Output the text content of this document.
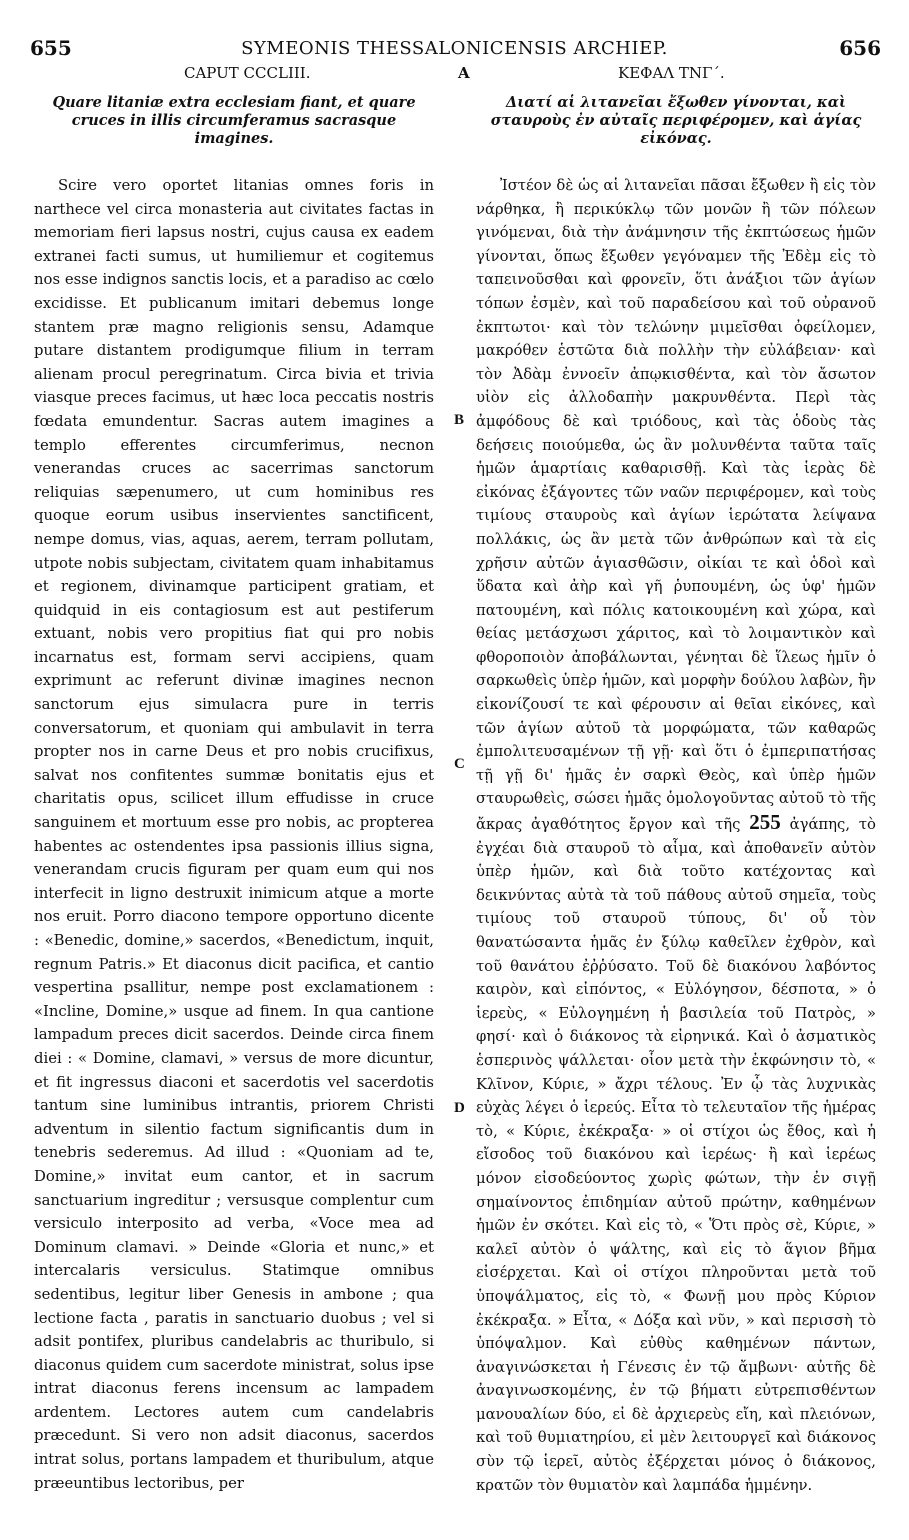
655	SYMEONIS THESSALONICENSIS ARCHIEP.	656
CAPUT CCCLIII.	A	ΚΕΦΑΛ ΤΝΓ΄.
Quare litaniæ extra ecclesiam fiant, et quare cruces in illis circumferamus sacrasque imagines.

Scire vero oportet litanias omnes foris in narthece vel circa monasteria aut civitates factas in memoriam fieri lapsus nostri, cujus causa ex eadem extranei facti sumus, ut humiliemur et cogitemus nos esse indignos sanctis locis, et a paradiso ac cœlo excidisse. Et publicanum imitari debemus longe stantem præ magno religionis sensu, Adamque putare distantem prodigumque filium in terram alienam procul peregrinatum. Circa bivia et trivia viasque preces facimus, ut hæc loca peccatis nostris fœdata emundentur. Sacras autem imagines a templo efferentes circumferimus, necnon venerandas cruces ac sacerrimas sanctorum reliquias sæpenumero, ut cum hominibus res quoque eorum usibus inservientes sanctificent, nempe domus, vias, aquas, aerem, terram pollutam, utpote nobis subjectam, civitatem quam inhabitamus et regionem, divinamque participent gratiam, et quidquid in eis contagiosum est aut pestiferum extuant, nobis vero propitius fiat qui pro nobis incarnatus est, formam servi accipiens, quam exprimunt ac referunt divinæ imagines necnon sanctorum ejus simulacra pure in terris conversatorum, et quoniam qui ambulavit in terra propter nos in carne Deus et pro nobis crucifixus, salvat nos confitentes summæ bonitatis ejus et charitatis opus, scilicet illum effudisse in cruce sanguinem et mortuum esse pro nobis, ac propterea habentes ac ostendentes ipsa passionis illius signa, venerandam crucis figuram per quam eum qui nos interfecit in ligno destruxit inimicum atque a morte nos eruit. Porro diacono tempore opportuno dicente : «Benedic, domine,» sacerdos, «Benedictum, inquit, regnum Patris.» Et diaconus dicit pacifica, et cantio vespertina psallitur, nempe post exclamationem : «Incline, Domine,» usque ad finem. In qua cantione lampadum preces dicit sacerdos. Deinde circa finem diei : « Domine, clamavi, » versus de more dicuntur, et fit ingressus diaconi et sacerdotis vel sacerdotis tantum sine luminibus intrantis, priorem Christi adventum in silentio factum significantis dum in tenebris sederemus. Ad illud : «Quoniam ad te, Domine,» invitat eum cantor, et in sacrum sanctuarium ingreditur ; versusque complentur cum versiculo interposito ad verba, «Voce mea ad Dominum clamavi. » Deinde «Gloria et nunc,» et intercalaris versiculus. Statimque omnibus sedentibus, legitur liber Genesis in ambone ; qua lectione facta , paratis in sanctuario duobus ; vel si adsit pontifex, pluribus candelabris ac thuribulo, si diaconus quidem cum sacerdote ministrat, solus ipse intrat diaconus ferens incensum ac lampadem ardentem. Lectores autem cum candelabris præcedunt. Si vero non adsit diaconus, sacerdos intrat solus, portans lampadem et thuribulum, atque præeuntibus lectoribus, per

B
C
D
Διατί αἱ λιτανεῖαι ἔξωθεν γίνονται, καὶ σταυροὺς ἐν αὐταῖς περιφέρομεν, καὶ ἁγίας εἰκόνας.

Ἰστέον δὲ ὡς αἱ λιτανεῖαι πᾶσαι ἔξωθεν ἢ εἰς τὸν νάρθηκα, ἢ περικύκλῳ τῶν μονῶν ἢ τῶν πόλεων γινόμεναι, διὰ τὴν ἀνάμνησιν τῆς ἐκπτώσεως ἡμῶν γίνονται, ὅπως ἔξωθεν γεγόναμεν τῆς Ἐδὲμ εἰς τὸ ταπεινοῦσθαι καὶ φρονεῖν, ὅτι ἀνάξιοι τῶν ἁγίων τόπων ἐσμὲν, καὶ τοῦ παραδείσου καὶ τοῦ οὐρανοῦ ἐκπτωτοι· καὶ τὸν τελώνην μιμεῖσθαι ὀφείλομεν, μακρόθεν ἑστῶτα διὰ πολλὴν τὴν εὐλάβειαν· καὶ τὸν Ἀδὰμ ἐννοεῖν ἀπῳκισθέντα, καὶ τὸν ἄσωτον υἱὸν εἰς ἀλλοδαπὴν μακρυνθέντα. Περὶ τὰς ἀμφόδους δὲ καὶ τριόδους, καὶ τὰς ὁδοὺς τὰς δεήσεις ποιούμεθα, ὡς ἂν μολυνθέντα ταῦτα ταῖς ἡμῶν ἁμαρτίαις καθαρισθῇ. Καὶ τὰς ἱερὰς δὲ εἰκόνας ἐξάγοντες τῶν ναῶν περιφέρομεν, καὶ τοὺς τιμίους σταυροὺς καὶ ἁγίων ἱερώτατα λείψανα πολλάκις, ὡς ἂν μετὰ τῶν ἀνθρώπων καὶ τὰ εἰς χρῆσιν αὐτῶν ἁγιασθῶσιν, οἰκίαι τε καὶ ὁδοὶ καὶ ὕδατα καὶ ἀὴρ καὶ γῆ ῥυπουμένη, ὡς ὑφ' ἡμῶν πατουμένη, καὶ πόλις κατοικουμένη καὶ χώρα, καὶ θείας μετάσχωσι χάριτος, καὶ τὸ λοιμαντικὸν καὶ φθοροποιὸν ἀποβάλωνται, γένηται δὲ ἵλεως ἡμῖν ὁ σαρκωθεὶς ὑπὲρ ἡμῶν, καὶ μορφὴν δούλου λαβὼν, ἣν εἰκονίζουσί τε καὶ φέρουσιν αἱ θεῖαι εἰκόνες, καὶ τῶν ἁγίων αὐτοῦ τὰ μορφώματα, τῶν καθαρῶς ἐμπολιτευσαμένων τῇ γῇ· καὶ ὅτι ὁ ἐμπεριπατήσας τῇ γῇ δι' ἡμᾶς ἐν σαρκὶ Θεὸς, καὶ ὑπὲρ ἡμῶν σταυρωθεὶς, σώσει ἡμᾶς ὁμολογοῦντας αὐτοῦ τὸ τῆς ἄκρας ἀγαθότητος ἔργον καὶ τῆς 255 ἀγάπης, τὸ ἐγχέαι διὰ σταυροῦ τὸ αἷμα, καὶ ἀποθανεῖν αὐτὸν ὑπὲρ ἡμῶν, καὶ διὰ τοῦτο κατέχοντας καὶ δεικνύντας αὐτὰ τὰ τοῦ πάθους αὐτοῦ σημεῖα, τοὺς τιμίους τοῦ σταυροῦ τύπους, δι' οὗ τὸν θανατώσαντα ἡμᾶς ἐν ξύλῳ καθεῖλεν ἐχθρὸν, καὶ τοῦ θανάτου ἐῤῥύσατο. Τοῦ δὲ διακόνου λαβόντος καιρὸν, καὶ εἰπόντος, « Εὐλόγησον, δέσποτα, » ὁ ἱερεὺς, « Εὐλογημένη ἡ βασιλεία τοῦ Πατρὸς, » φησί· καὶ ὁ διάκονος τὰ εἰρηνικά. Καὶ ὁ ἀσματικὸς ἑσπερινὸς ψάλλεται· οἷον μετὰ τὴν ἐκφώνησιν τὸ, « Κλῖνον, Κύριε, » ἄχρι τέλους. Ἐν ᾧ τὰς λυχνικὰς εὐχὰς λέγει ὁ ἱερεύς. Εἶτα τὸ τελευταῖον τῆς ἡμέρας τὸ, « Κύριε, ἐκέκραξα· » οἱ στίχοι ὡς ἔθος, καὶ ἡ εἴσοδος τοῦ διακόνου καὶ ἱερέως· ἢ καὶ ἱερέως μόνον εἰσοδεύοντος χωρὶς φώτων, τὴν ἐν σιγῇ σημαίνοντος ἐπιδημίαν αὐτοῦ πρώτην, καθημένων ἡμῶν ἐν σκότει. Καὶ εἰς τὸ, « Ὅτι πρὸς σὲ, Κύριε, » καλεῖ αὐτὸν ὁ ψάλτης, καὶ εἰς τὸ ἅγιον βῆμα εἰσέρχεται. Καὶ οἱ στίχοι πληροῦνται μετὰ τοῦ ὑποψάλματος, εἰς τὸ, « Φωνῇ μου πρὸς Κύριον ἐκέκραξα. » Εἶτα, « Δόξα καὶ νῦν, » καὶ περισσὴ τὸ ὑπόψαλμον. Καὶ εὐθὺς καθημένων πάντων, ἀναγινώσκεται ἡ Γένεσις ἐν τῷ ἄμβωνι· αὐτῆς δὲ ἀναγινωσκομένης, ἐν τῷ βήματι εὐτρεπισθέντων μανουαλίων δύο, εἰ δὲ ἀρχιερεὺς εἴη, καὶ πλειόνων, καὶ τοῦ θυμιατηρίου, εἰ μὲν λειτουργεῖ καὶ διάκονος σὺν τῷ ἱερεῖ, αὐτὸς ἐξέρχεται μόνος ὁ διάκονος, κρατῶν τὸν θυμιατὸν καὶ λαμπάδα ἡμμένην.
